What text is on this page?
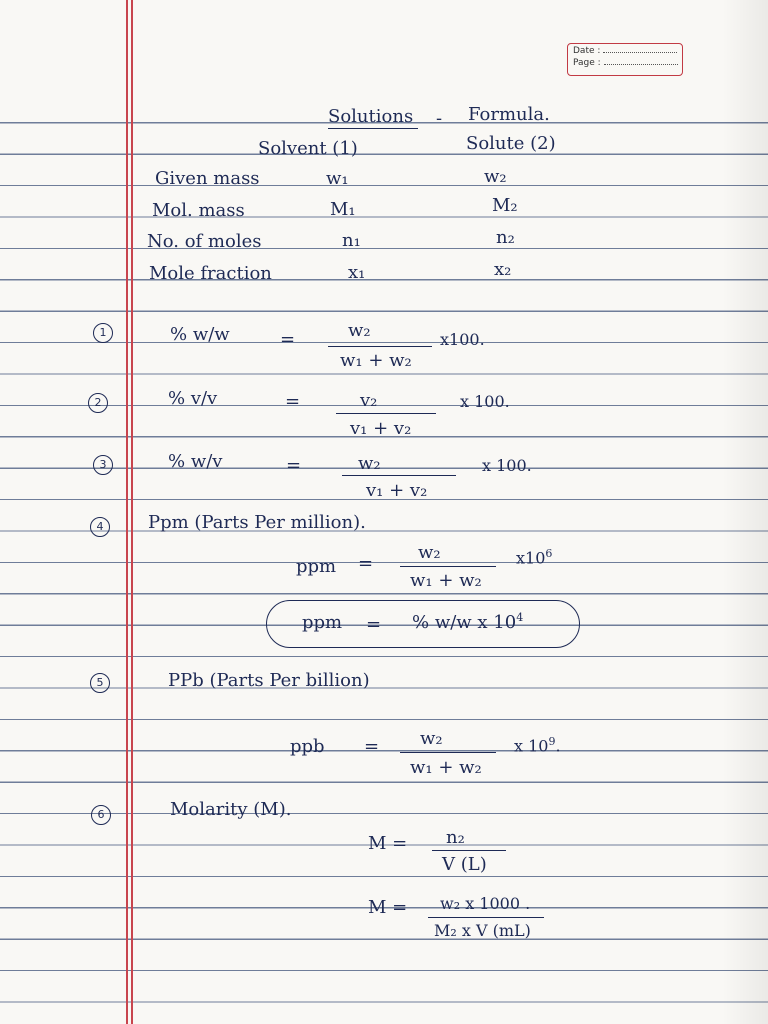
Date :
Page :
Solutions - Formula.
Solvent (1)	Solute (2)
Given mass	w₁	w₂
Mol. mass	M₁	M₂
No. of moles	n₁	n₂
Mole fraction	x₁	x₂
1	% w/w	=	w₂
w₁ + w₂
x100.
2	% v/v	=	v₂
v₁ + v₂
x 100.
3	% w/v	=	w₂
v₁ + v₂
x 100.
4	Ppm (Parts Per million).
ppm =
w₂
w₁ + w₂
$x10^6$
ppm = % w/w x $10^4$
5	PPb (Parts Per billion)
ppb = w₂
w₁ + w₂
x $10^9$.
6	Molarity (M).
M = n₂
V (L)
M = w₂ x 1000 .
M₂ x V (mL)
